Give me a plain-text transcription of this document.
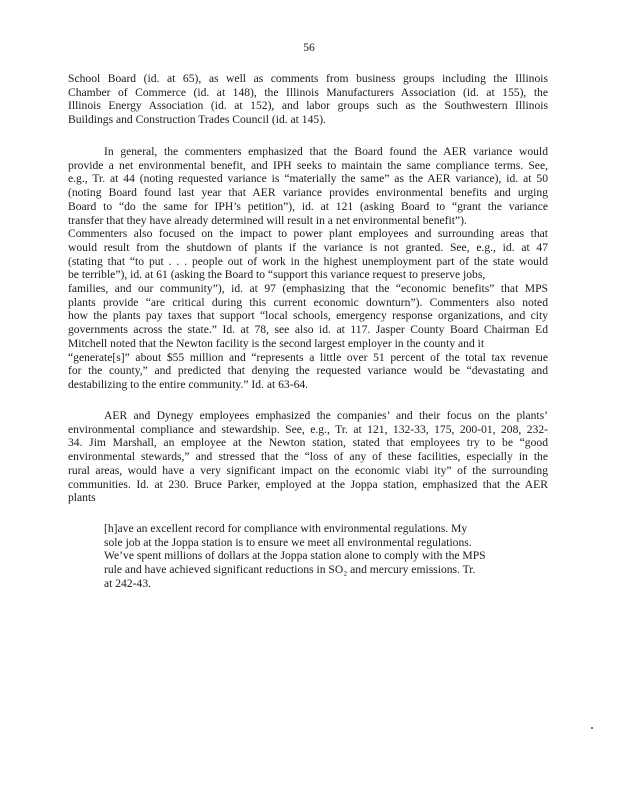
56
School Board (id. at 65), as well as comments from business groups including the Illinois
Chamber of Commerce (id. at 148), the Illinois Manufacturers Association (id. at 155), the
Illinois Energy Association (id. at 152), and labor groups such as the Southwestern Illinois
Buildings and Construction Trades Council (id. at 145).
In general, the commenters emphasized that the Board found the AER variance would
provide a net environmental benefit, and IPH seeks to maintain the same compliance terms. See,
e.g., Tr. at 44 (noting requested variance is “materially the same” as the AER variance), id. at 50
(noting Board found last year that AER variance provides environmental benefits and urging
Board to “do the same for IPH’s petition”), id. at 121 (asking Board to “grant the variance
transfer that they have already determined will result in a net environmental benefit”).
Commenters also focused on the impact to power plant employees and surrounding areas that
would result from the shutdown of plants if the variance is not granted. See, e.g., id. at 47
(stating that “to put . . . people out of work in the highest unemployment part of the state would
be terrible”), id. at 61 (asking the Board to “support this variance request to preserve jobs,
families, and our community”), id. at 97 (emphasizing that the “economic benefits” that MPS
plants provide “are critical during this current economic downturn”). Commenters also noted
how the plants pay taxes that support “local schools, emergency response organizations, and city
governments across the state.” Id. at 78, see also id. at 117. Jasper County Board Chairman Ed
Mitchell noted that the Newton facility is the second largest employer in the county and it
“generate[s]” about $55 million and “represents a little over 51 percent of the total tax revenue
for the county,” and predicted that denying the requested variance would be “devastating and
destabilizing to the entire community.” Id. at 63-64.
AER and Dynegy employees emphasized the companies’ and their focus on the plants’
environmental compliance and stewardship. See, e.g., Tr. at 121, 132-33, 175, 200-01, 208, 232-
34. Jim Marshall, an employee at the Newton station, stated that employees try to be “good
environmental stewards,” and stressed that the “loss of any of these facilities, especially in the
rural areas, would have a very significant impact on the economic viabi ity” of the surrounding
communities. Id. at 230. Bruce Parker, employed at the Joppa station, emphasized that the AER
plants
[h]ave an excellent record for compliance with environmental regulations. My
sole job at the Joppa station is to ensure we meet all environmental regulations.
We’ve spent millions of dollars at the Joppa station alone to comply with the MPS
rule and have achieved significant reductions in SO₂ and mercury emissions. Tr.
at 242-43.
